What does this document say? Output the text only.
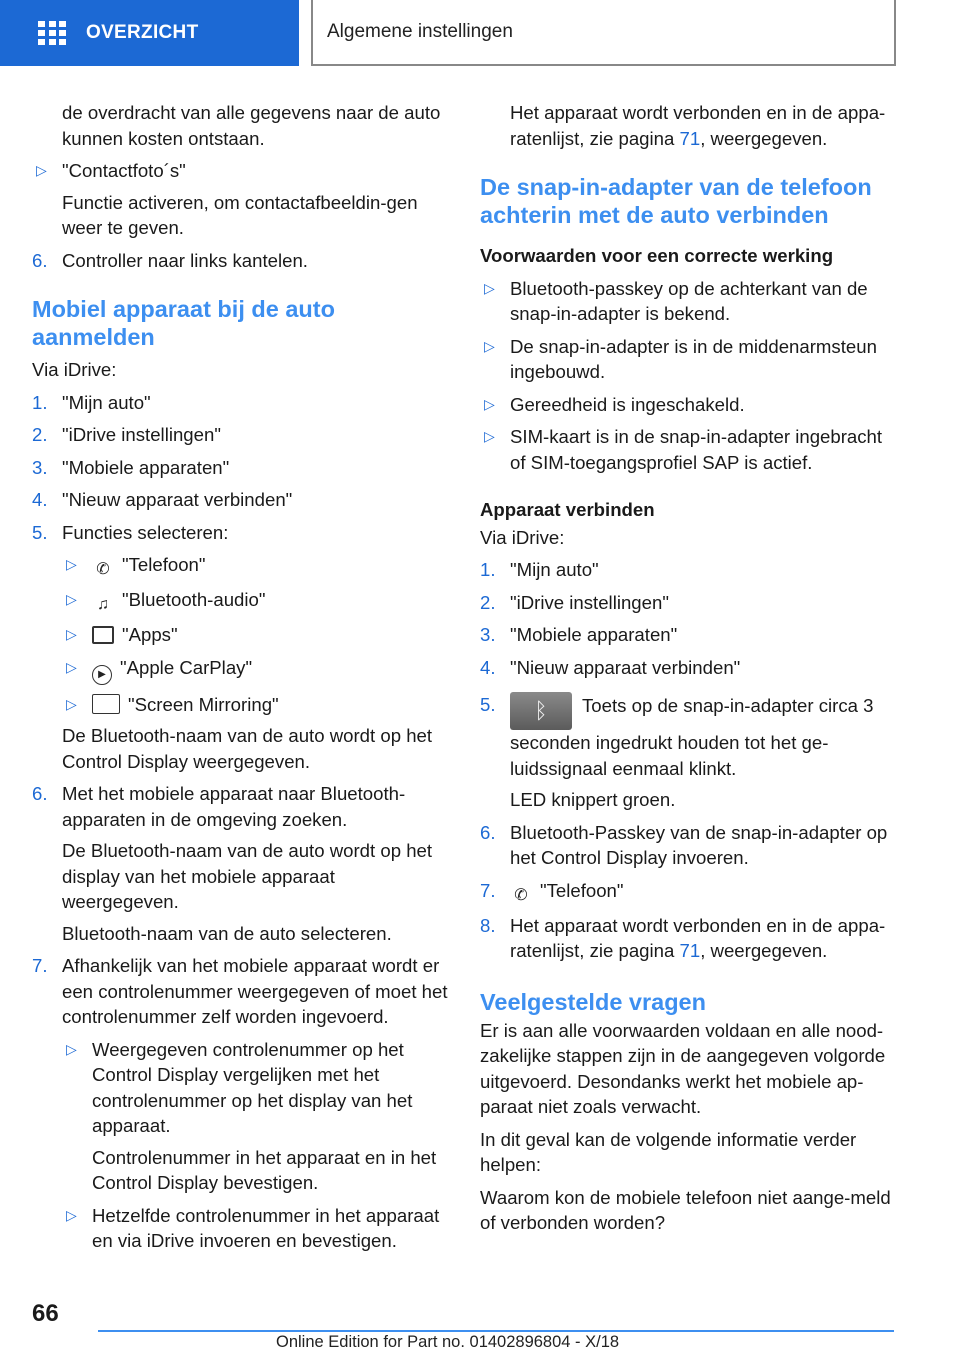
OVERZICHT	Algemene instellingen
de overdracht van alle gegevens naar de auto kunnen kosten ontstaan.
▷ "Contactfoto´s"
Functie activeren, om contactafbeeldin-gen weer te geven.
6. Controller naar links kantelen.
Mobiel apparaat bij de auto aanmelden
Via iDrive:
1. "Mijn auto"
2. "iDrive instellingen"
3. "Mobiele apparaten"
4. "Nieuw apparaat verbinden"
5. Functies selecteren:
▷	✆ "Telefoon"
▷	♫ "Bluetooth-audio"
▷	"Apps"
▷	▶ "Apple CarPlay"
▷	"Screen Mirroring"
De Bluetooth-naam van de auto wordt op het Control Display weergegeven.
6. Met het mobiele apparaat naar Bluetooth-apparaten in de omgeving zoeken.
De Bluetooth-naam van de auto wordt op het display van het mobiele apparaat weergegeven.
Bluetooth-naam van de auto selecteren.
7. Afhankelijk van het mobiele apparaat wordt er een controlenummer weergegeven of moet het controlenummer zelf worden ingevoerd.
▷ Weergegeven controlenummer op het Control Display vergelijken met het controlenummer op het display van het apparaat.
Controlenummer in het apparaat en in het Control Display bevestigen.
▷ Hetzelfde controlenummer in het apparaat en via iDrive invoeren en bevestigen.
Het apparaat wordt verbonden en in de appa-ratenlijst, zie pagina 71, weergegeven.
De snap-in-adapter van de telefoon achterin met de auto verbinden
Voorwaarden voor een correcte werking
▷ Bluetooth-passkey op de achterkant van de snap-in-adapter is bekend.
▷ De snap-in-adapter is in de middenarmsteun ingebouwd.
▷ Gereedheid is ingeschakeld.
▷ SIM-kaart is in de snap-in-adapter ingebracht of SIM-toegangsprofiel SAP is actief.
Apparaat verbinden
Via iDrive:
1. "Mijn auto"
2. "iDrive instellingen"
3. "Mobiele apparaten"
4. "Nieuw apparaat verbinden"
5.	ᛒ Toets op de snap-in-adapter circa 3 seconden ingedrukt houden tot het ge-luidssignaal eenmaal klinkt.
LED knippert groen.
6. Bluetooth-Passkey van de snap-in-adapter op het Control Display invoeren.
7.	✆ "Telefoon"
8. Het apparaat wordt verbonden en in de appa-ratenlijst, zie pagina 71, weergegeven.
Veelgestelde vragen
Er is aan alle voorwaarden voldaan en alle nood-zakelijke stappen zijn in de aangegeven volgorde uitgevoerd. Desondanks werkt het mobiele ap-paraat niet zoals verwacht.
In dit geval kan de volgende informatie verder helpen:
Waarom kon de mobiele telefoon niet aange-meld of verbonden worden?
66
Online Edition for Part no. 01402896804 - X/18
